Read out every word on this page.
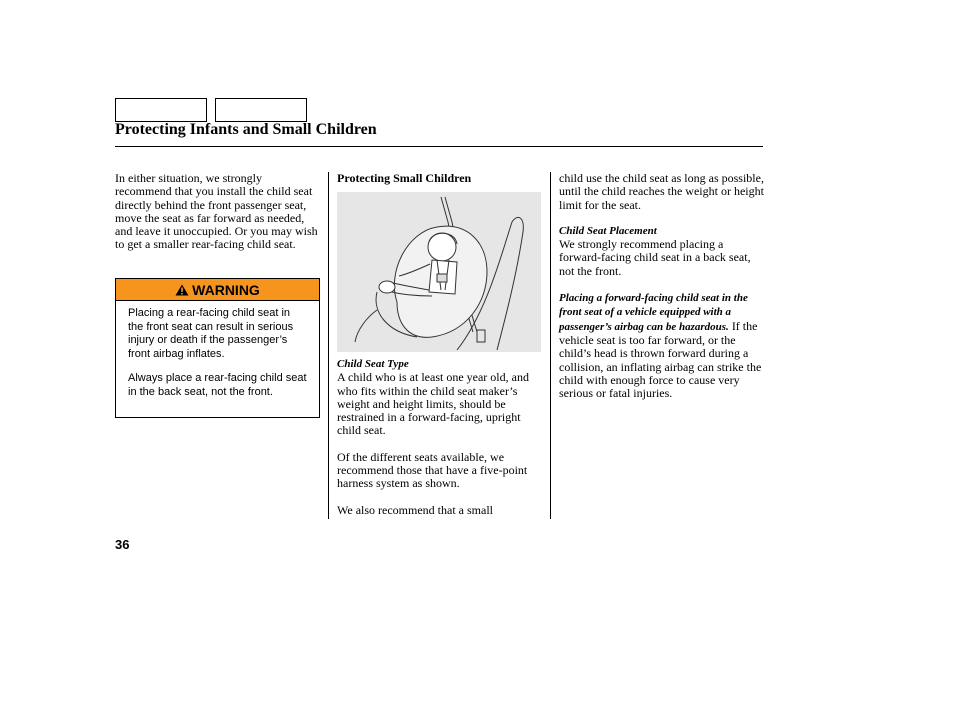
Protecting Infants and Small Children

In either situation, we strongly recommend that you install the child seat directly behind the front passenger seat, move the seat as far forward as needed, and leave it unoccupied. Or you may wish to get a smaller rear-facing child seat.

WARNING

Placing a rear-facing child seat in the front seat can result in serious injury or death if the passenger’s front airbag inflates.

Always place a rear-facing child seat in the back seat, not the front.

Protecting Small Children

Child Seat Type

A child who is at least one year old, and who fits within the child seat maker’s weight and height limits, should be restrained in a forward-facing, upright child seat.

Of the different seats available, we recommend those that have a five-point harness system as shown.

We also recommend that a small

child use the child seat as long as possible, until the child reaches the weight or height limit for the seat.

Child Seat Placement

We strongly recommend placing a forward-facing child seat in a back seat, not the front.

Placing a forward-facing child seat in the front seat of a vehicle equipped with a passenger’s airbag can be hazardous. If the vehicle seat is too far forward, or the child’s head is thrown forward during a collision, an inflating airbag can strike the child with enough force to cause very serious or fatal injuries.

36
